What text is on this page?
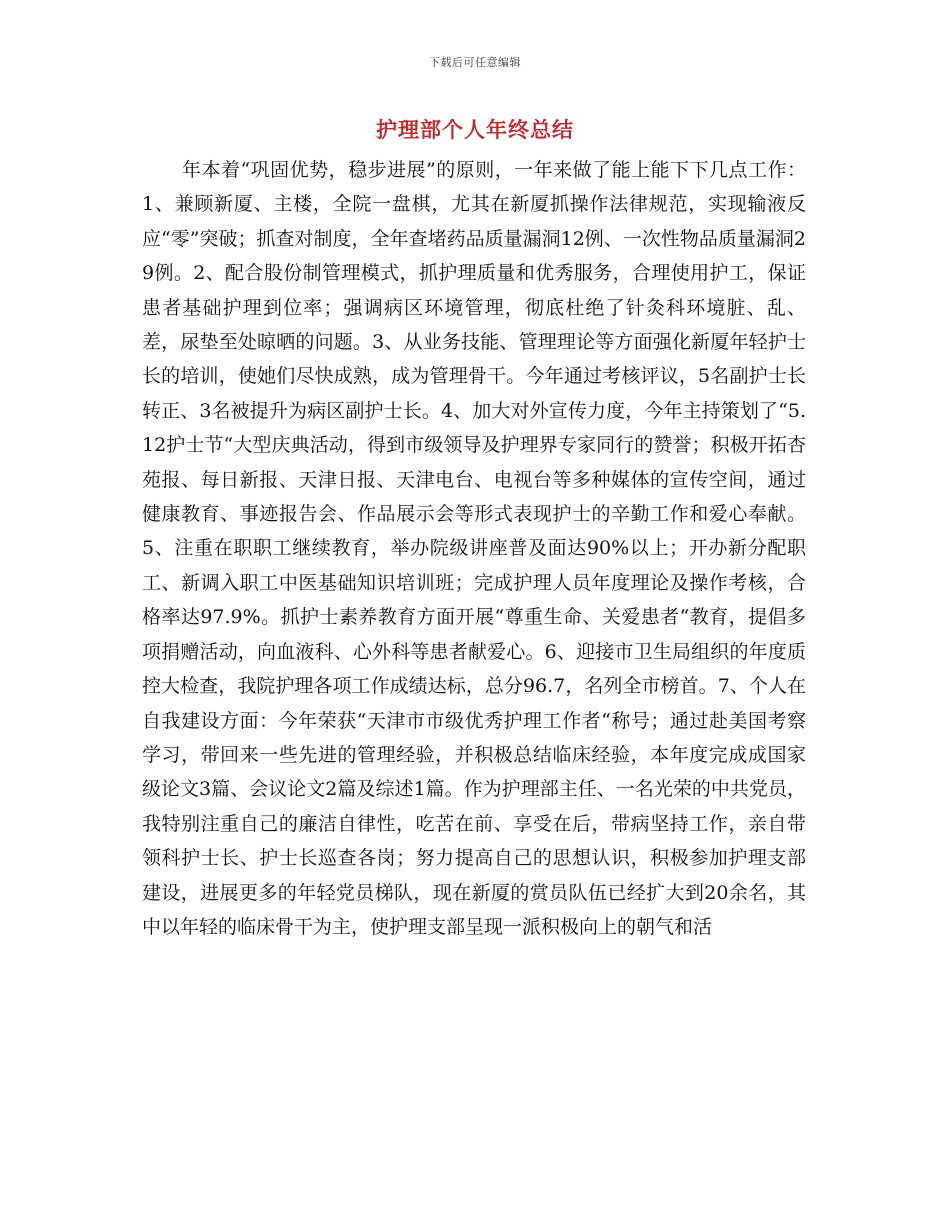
下载后可任意编辑
护理部个人年终总结

年本着“巩固优势，稳步进展”的原则，一年来做了能上能下下几点工作：1、兼顾新厦、主楼，全院一盘棋，尤其在新厦抓操作法律规范，实现输液反应“零”突破；抓查对制度，全年查堵药品质量漏洞12例、一次性物品质量漏洞29例。2、配合股份制管理模式，抓护理质量和优秀服务，合理使用护工，保证患者基础护理到位率；强调病区环境管理，彻底杜绝了针灸科环境脏、乱、差，尿垫至处晾晒的问题。3、从业务技能、管理理论等方面强化新厦年轻护士长的培训，使她们尽快成熟，成为管理骨干。今年通过考核评议，5名副护士长转正、3名被提升为病区副护士长。4、加大对外宣传力度，今年主持策划了“5.12护士节“大型庆典活动，得到市级领导及护理界专家同行的赞誉；积极开拓杏苑报、每日新报、天津日报、天津电台、电视台等多种媒体的宣传空间，通过健康教育、事迹报告会、作品展示会等形式表现护士的辛勤工作和爱心奉献。5、注重在职职工继续教育，举办院级讲座普及面达90%以上；开办新分配职工、新调入职工中医基础知识培训班；完成护理人员年度理论及操作考核，合格率达97.9%。抓护士素养教育方面开展“尊重生命、关爱患者“教育，提倡多项捐赠活动，向血液科、心外科等患者献爱心。6、迎接市卫生局组织的年度质控大检查，我院护理各项工作成绩达标，总分96.7，名列全市榜首。7、个人在自我建设方面：今年荣获“天津市市级优秀护理工作者“称号；通过赴美国考察学习，带回来一些先进的管理经验，并积极总结临床经验，本年度完成成国家级论文3篇、会议论文2篇及综述1篇。作为护理部主任、一名光荣的中共党员，我特别注重自己的廉洁自律性，吃苦在前、享受在后，带病坚持工作，亲自带领科护士长、护士长巡查各岗；努力提高自己的思想认识，积极参加护理支部建设，进展更多的年轻党员梯队，现在新厦的赏员队伍已经扩大到20余名，其中以年轻的临床骨干为主，使护理支部呈现一派积极向上的朝气和活
